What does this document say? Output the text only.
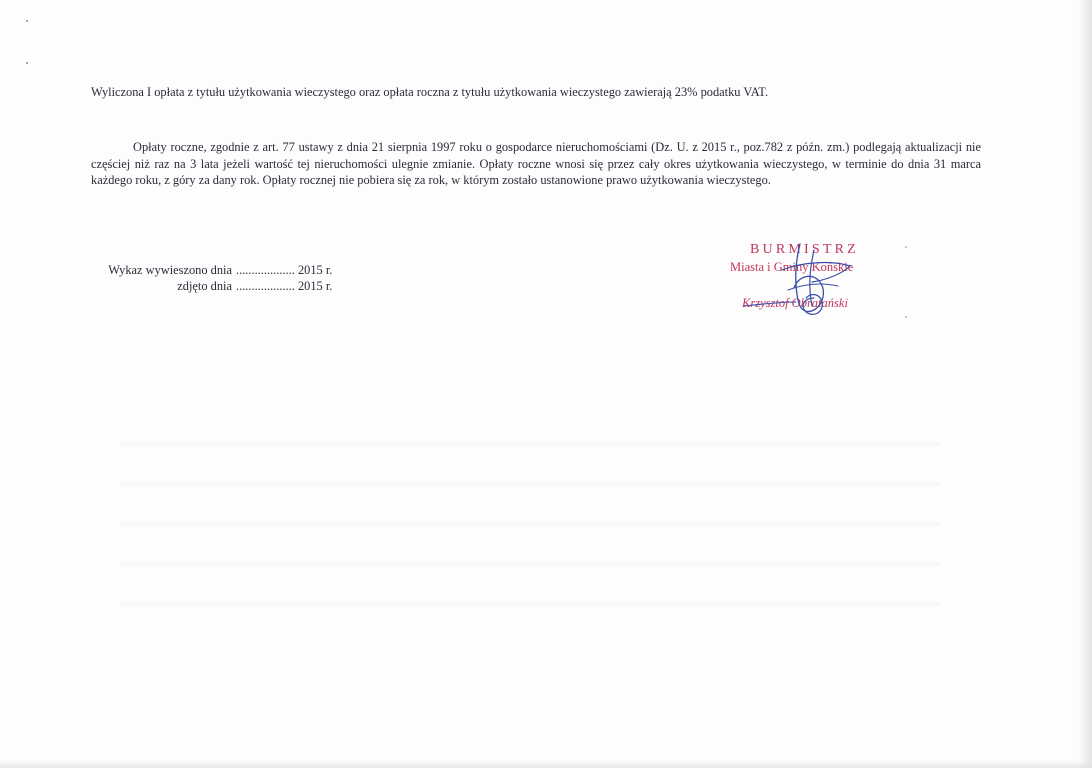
Wyliczona I opłata z tytułu użytkowania wieczystego oraz opłata roczna z tytułu użytkowania wieczystego zawierają 23% podatku VAT.
Opłaty roczne, zgodnie z art. 77 ustawy z dnia 21 sierpnia 1997 roku o gospodarce nieruchomościami (Dz. U. z 2015 r., poz.782 z późn. zm.) podlegają aktualizacji nie częściej niż raz na 3 lata jeżeli wartość tej nieruchomości ulegnie zmianie. Opłaty roczne wnosi się przez cały okres użytkowania wieczystego, w terminie do dnia 31 marca każdego roku, z góry za dany rok. Opłaty rocznej nie pobiera się za rok, w którym zostało ustanowione prawo użytkowania wieczystego.
Wykaz wywieszono dnia ................... 2015 r.
zdjęto dnia ................... 2015 r.
BURMISTRZ
Miasta i Gminy Końskie
Krzysztof Obratański
